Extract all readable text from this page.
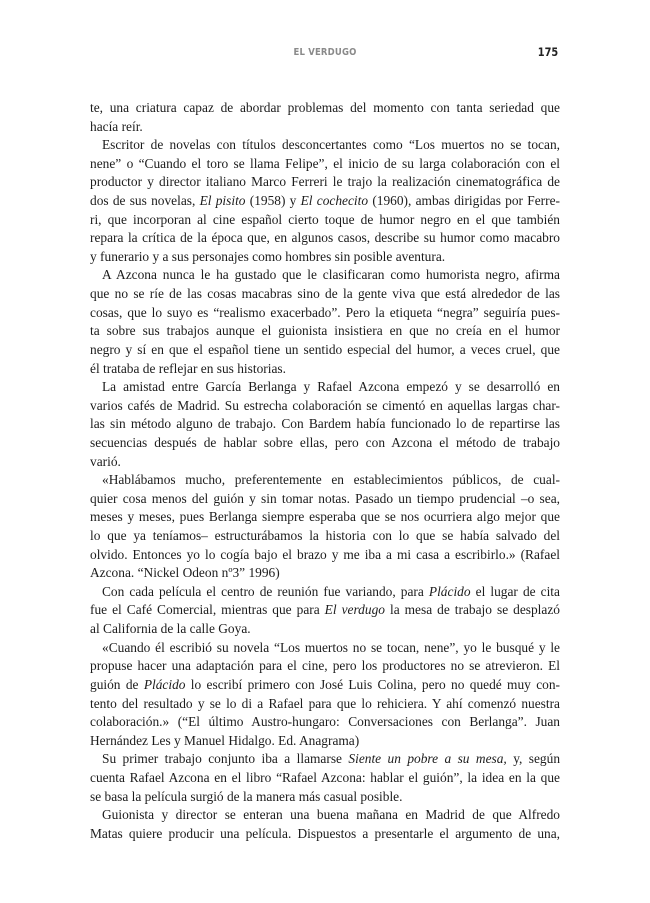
EL VERDUGO	175
te, una criatura capaz de abordar problemas del momento con tanta seriedad que
hacía reír.
Escritor de novelas con títulos desconcertantes como “Los muertos no se tocan,
nene” o “Cuando el toro se llama Felipe”, el inicio de su larga colaboración con el
productor y director italiano Marco Ferreri le trajo la realización cinematográfica de
dos de sus novelas, El pisito (1958) y El cochecito (1960), ambas dirigidas por Ferre-
ri, que incorporan al cine español cierto toque de humor negro en el que también
repara la crítica de la época que, en algunos casos, describe su humor como macabro
y funerario y a sus personajes como hombres sin posible aventura.
A Azcona nunca le ha gustado que le clasificaran como humorista negro, afirma
que no se ríe de las cosas macabras sino de la gente viva que está alrededor de las
cosas, que lo suyo es “realismo exacerbado”. Pero la etiqueta “negra” seguiría pues-
ta sobre sus trabajos aunque el guionista insistiera en que no creía en el humor
negro y sí en que el español tiene un sentido especial del humor, a veces cruel, que
él trataba de reflejar en sus historias.
La amistad entre García Berlanga y Rafael Azcona empezó y se desarrolló en
varios cafés de Madrid. Su estrecha colaboración se cimentó en aquellas largas char-
las sin método alguno de trabajo. Con Bardem había funcionado lo de repartirse las
secuencias después de hablar sobre ellas, pero con Azcona el método de trabajo
varió.
«Hablábamos mucho, preferentemente en establecimientos públicos, de cual-
quier cosa menos del guión y sin tomar notas. Pasado un tiempo prudencial –o sea,
meses y meses, pues Berlanga siempre esperaba que se nos ocurriera algo mejor que
lo que ya teníamos– estructurábamos la historia con lo que se había salvado del
olvido. Entonces yo lo cogía bajo el brazo y me iba a mi casa a escribirlo.» (Rafael
Azcona. “Nickel Odeon nº3” 1996)
Con cada película el centro de reunión fue variando, para Plácido el lugar de cita
fue el Café Comercial, mientras que para El verdugo la mesa de trabajo se desplazó
al California de la calle Goya.
«Cuando él escribió su novela “Los muertos no se tocan, nene”, yo le busqué y le
propuse hacer una adaptación para el cine, pero los productores no se atrevieron. El
guión de Plácido lo escribí primero con José Luis Colina, pero no quedé muy con-
tento del resultado y se lo di a Rafael para que lo rehiciera. Y ahí comenzó nuestra
colaboración.» (“El último Austro-hungaro: Conversaciones con Berlanga”. Juan
Hernández Les y Manuel Hidalgo. Ed. Anagrama)
Su primer trabajo conjunto iba a llamarse Siente un pobre a su mesa, y, según
cuenta Rafael Azcona en el libro “Rafael Azcona: hablar el guión”, la idea en la que
se basa la película surgió de la manera más casual posible.
Guionista y director se enteran una buena mañana en Madrid de que Alfredo
Matas quiere producir una película. Dispuestos a presentarle el argumento de una,
